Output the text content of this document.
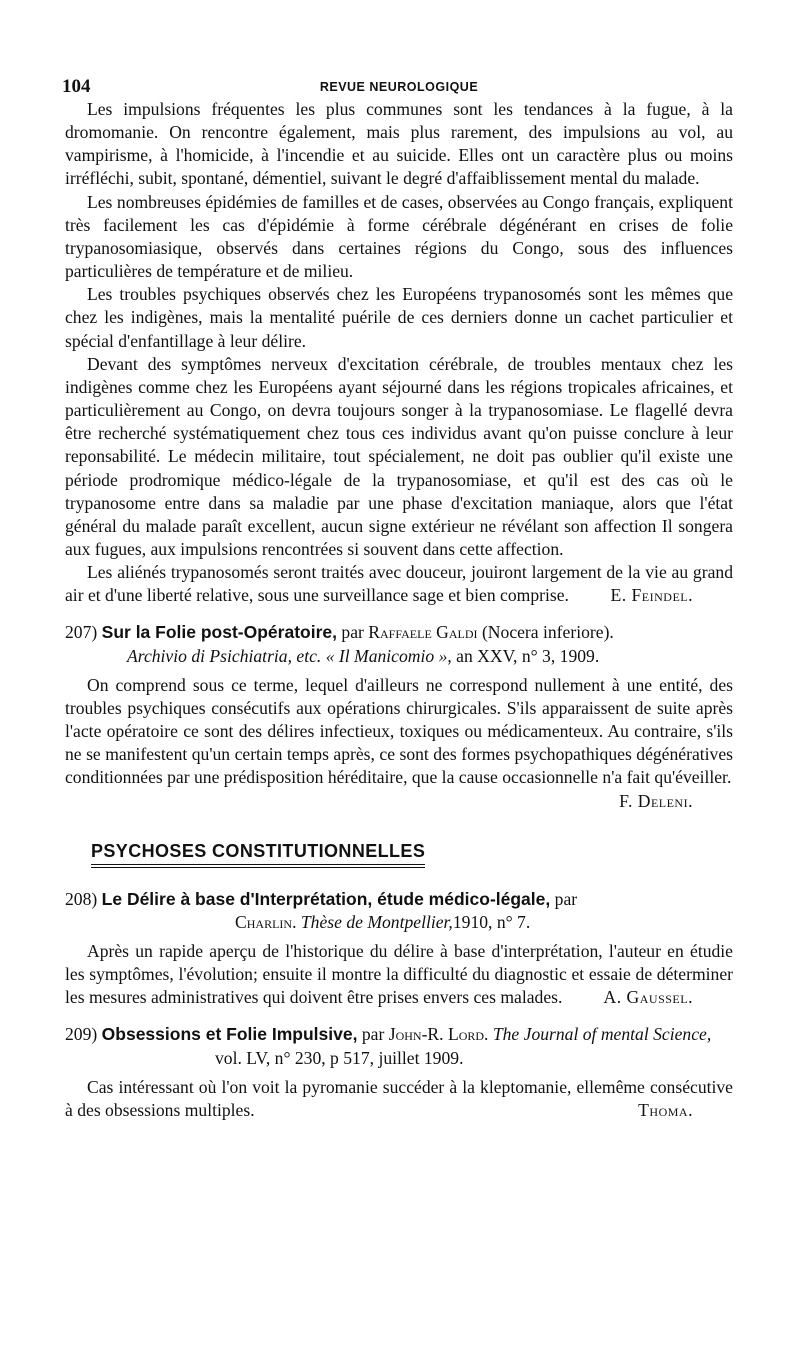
104	REVUE NEUROLOGIQUE

Les impulsions fréquentes les plus communes sont les tendances à la fugue, à la dromomanie. On rencontre également, mais plus rarement, des impulsions au vol, au vampirisme, à l'homicide, à l'incendie et au suicide. Elles ont un caractère plus ou moins irréfléchi, subit, spontané, démentiel, suivant le degré d'affaiblissement mental du malade.

Les nombreuses épidémies de familles et de cases, observées au Congo français, expliquent très facilement les cas d'épidémie à forme cérébrale dégénérant en crises de folie trypanosomiasique, observés dans certaines régions du Congo, sous des influences particulières de température et de milieu.

Les troubles psychiques observés chez les Européens trypanosomés sont les mêmes que chez les indigènes, mais la mentalité puérile de ces derniers donne un cachet particulier et spécial d'enfantillage à leur délire.

Devant des symptômes nerveux d'excitation cérébrale, de troubles mentaux chez les indigènes comme chez les Européens ayant séjourné dans les régions tropicales africaines, et particulièrement au Congo, on devra toujours songer à la trypanosomiase. Le flagellé devra être recherché systématiquement chez tous ces individus avant qu'on puisse conclure à leur reponsabilité. Le médecin militaire, tout spécialement, ne doit pas oublier qu'il existe une période prodromique médico-légale de la trypanosomiase, et qu'il est des cas où le trypanosome entre dans sa maladie par une phase d'excitation maniaque, alors que l'état général du malade paraît excellent, aucun signe extérieur ne révélant son affection Il songera aux fugues, aux impulsions rencontrées si souvent dans cette affection.

Les aliénés trypanosomés seront traités avec douceur, jouiront largement de la vie au grand air et d'une liberté relative, sous une surveillance sage et bien comprise.	E. Feindel.

207) Sur la Folie post-Opératoire, par Raffaele Galdi (Nocera inferiore).
Archivio di Psichiatria, etc. « Il Manicomio », an XXV, n° 3, 1909.

On comprend sous ce terme, lequel d'ailleurs ne correspond nullement à une entité, des troubles psychiques consécutifs aux opérations chirurgicales. S'ils apparaissent de suite après l'acte opératoire ce sont des délires infectieux, toxiques ou médicamenteux. Au contraire, s'ils ne se manifestent qu'un certain temps après, ce sont des formes psychopathiques dégénératives conditionnées par une prédisposition héréditaire, que la cause occasionnelle n'a fait qu'éveiller.

F. Deleni.
PSYCHOSES CONSTITUTIONNELLES
208) Le Délire à base d'Interprétation, étude médico-légale, par
Charlin. Thèse de Montpellier,1910, n° 7.

Après un rapide aperçu de l'historique du délire à base d'interprétation, l'auteur en étudie les symptômes, l'évolution; ensuite il montre la difficulté du diagnostic et essaie de déterminer les mesures administratives qui doivent être prises envers ces malades.	A. Gaussel.

209) Obsessions et Folie Impulsive, par John-R. Lord. The Journal of mental Science,
vol. LV, n° 230, p 517, juillet 1909.

Cas intéressant où l'on voit la pyromanie succéder à la kleptomanie, ellemême consécutive à des obsessions multiples.	Thoma.
